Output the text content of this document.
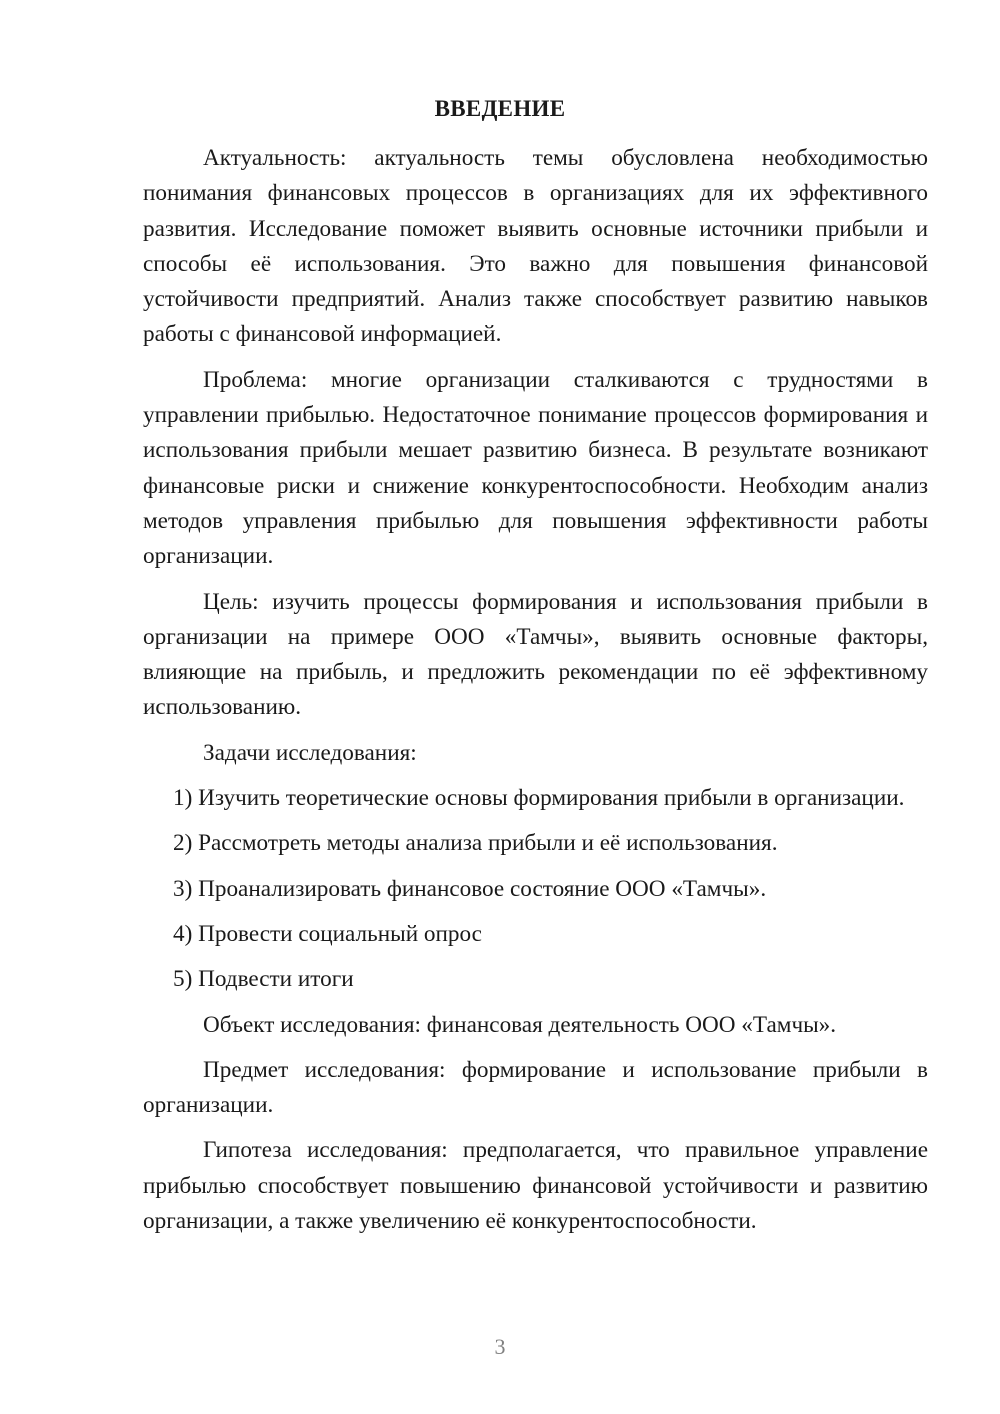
ВВЕДЕНИЕ

Актуальность: актуальность темы обусловлена необходимостью понимания финансовых процессов в организациях для их эффективного развития. Исследование поможет выявить основные источники прибыли и способы её использования. Это важно для повышения финансовой устойчивости предприятий. Анализ также способствует развитию навыков работы с финансовой информацией.

Проблема: многие организации сталкиваются с трудностями в управлении прибылью. Недостаточное понимание процессов формирования и использования прибыли мешает развитию бизнеса. В результате возникают финансовые риски и снижение конкурентоспособности. Необходим анализ методов управления прибылью для повышения эффективности работы организации.

Цель: изучить процессы формирования и использования прибыли в организации на примере ООО «Тамчы», выявить основные факторы, влияющие на прибыль, и предложить рекомендации по её эффективному использованию.

Задачи исследования:

1) Изучить теоретические основы формирования прибыли в организации.

2) Рассмотреть методы анализа прибыли и её использования.

3) Проанализировать финансовое состояние ООО «Тамчы».

4) Провести социальный опрос

5) Подвести итоги

Объект исследования: финансовая деятельность ООО «Тамчы».

Предмет исследования: формирование и использование прибыли в организации.

Гипотеза исследования: предполагается, что правильное управление прибылью способствует повышению финансовой устойчивости и развитию организации, а также увеличению её конкурентоспособности.

3
